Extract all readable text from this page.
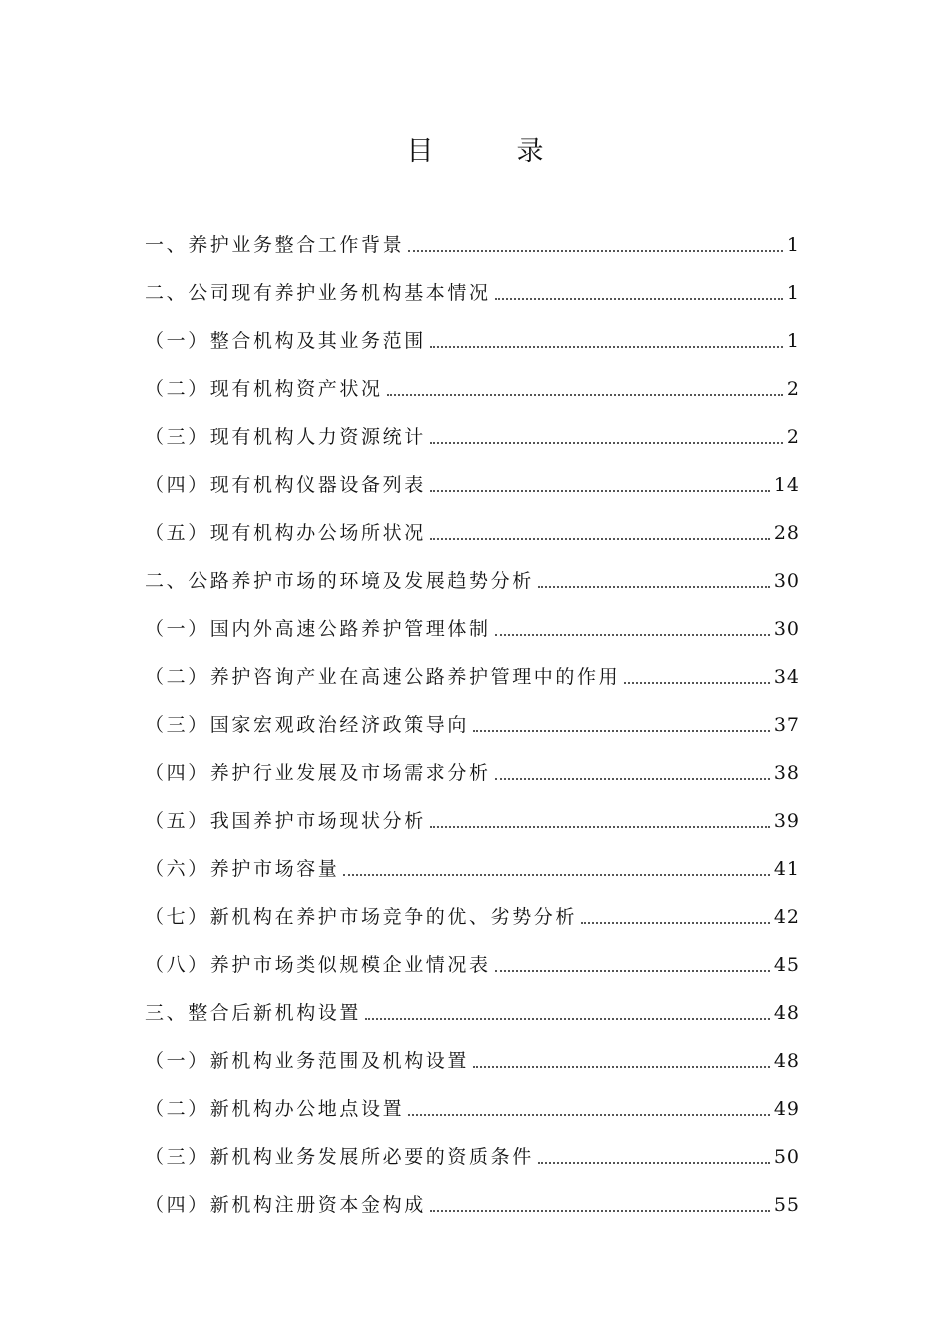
目　录
一、养护业务整合工作背景	1
二、公司现有养护业务机构基本情况	1
（一）整合机构及其业务范围	1
（二）现有机构资产状况	2
（三）现有机构人力资源统计	2
（四）现有机构仪器设备列表	14
（五）现有机构办公场所状况	28
二、公路养护市场的环境及发展趋势分析	30
（一）国内外高速公路养护管理体制	30
（二）养护咨询产业在高速公路养护管理中的作用	34
（三）国家宏观政治经济政策导向	37
（四）养护行业发展及市场需求分析	38
（五）我国养护市场现状分析	39
（六）养护市场容量	41
（七）新机构在养护市场竞争的优、劣势分析	42
（八）养护市场类似规模企业情况表	45
三、整合后新机构设置	48
（一）新机构业务范围及机构设置	48
（二）新机构办公地点设置	49
（三）新机构业务发展所必要的资质条件	50
（四）新机构注册资本金构成	55
